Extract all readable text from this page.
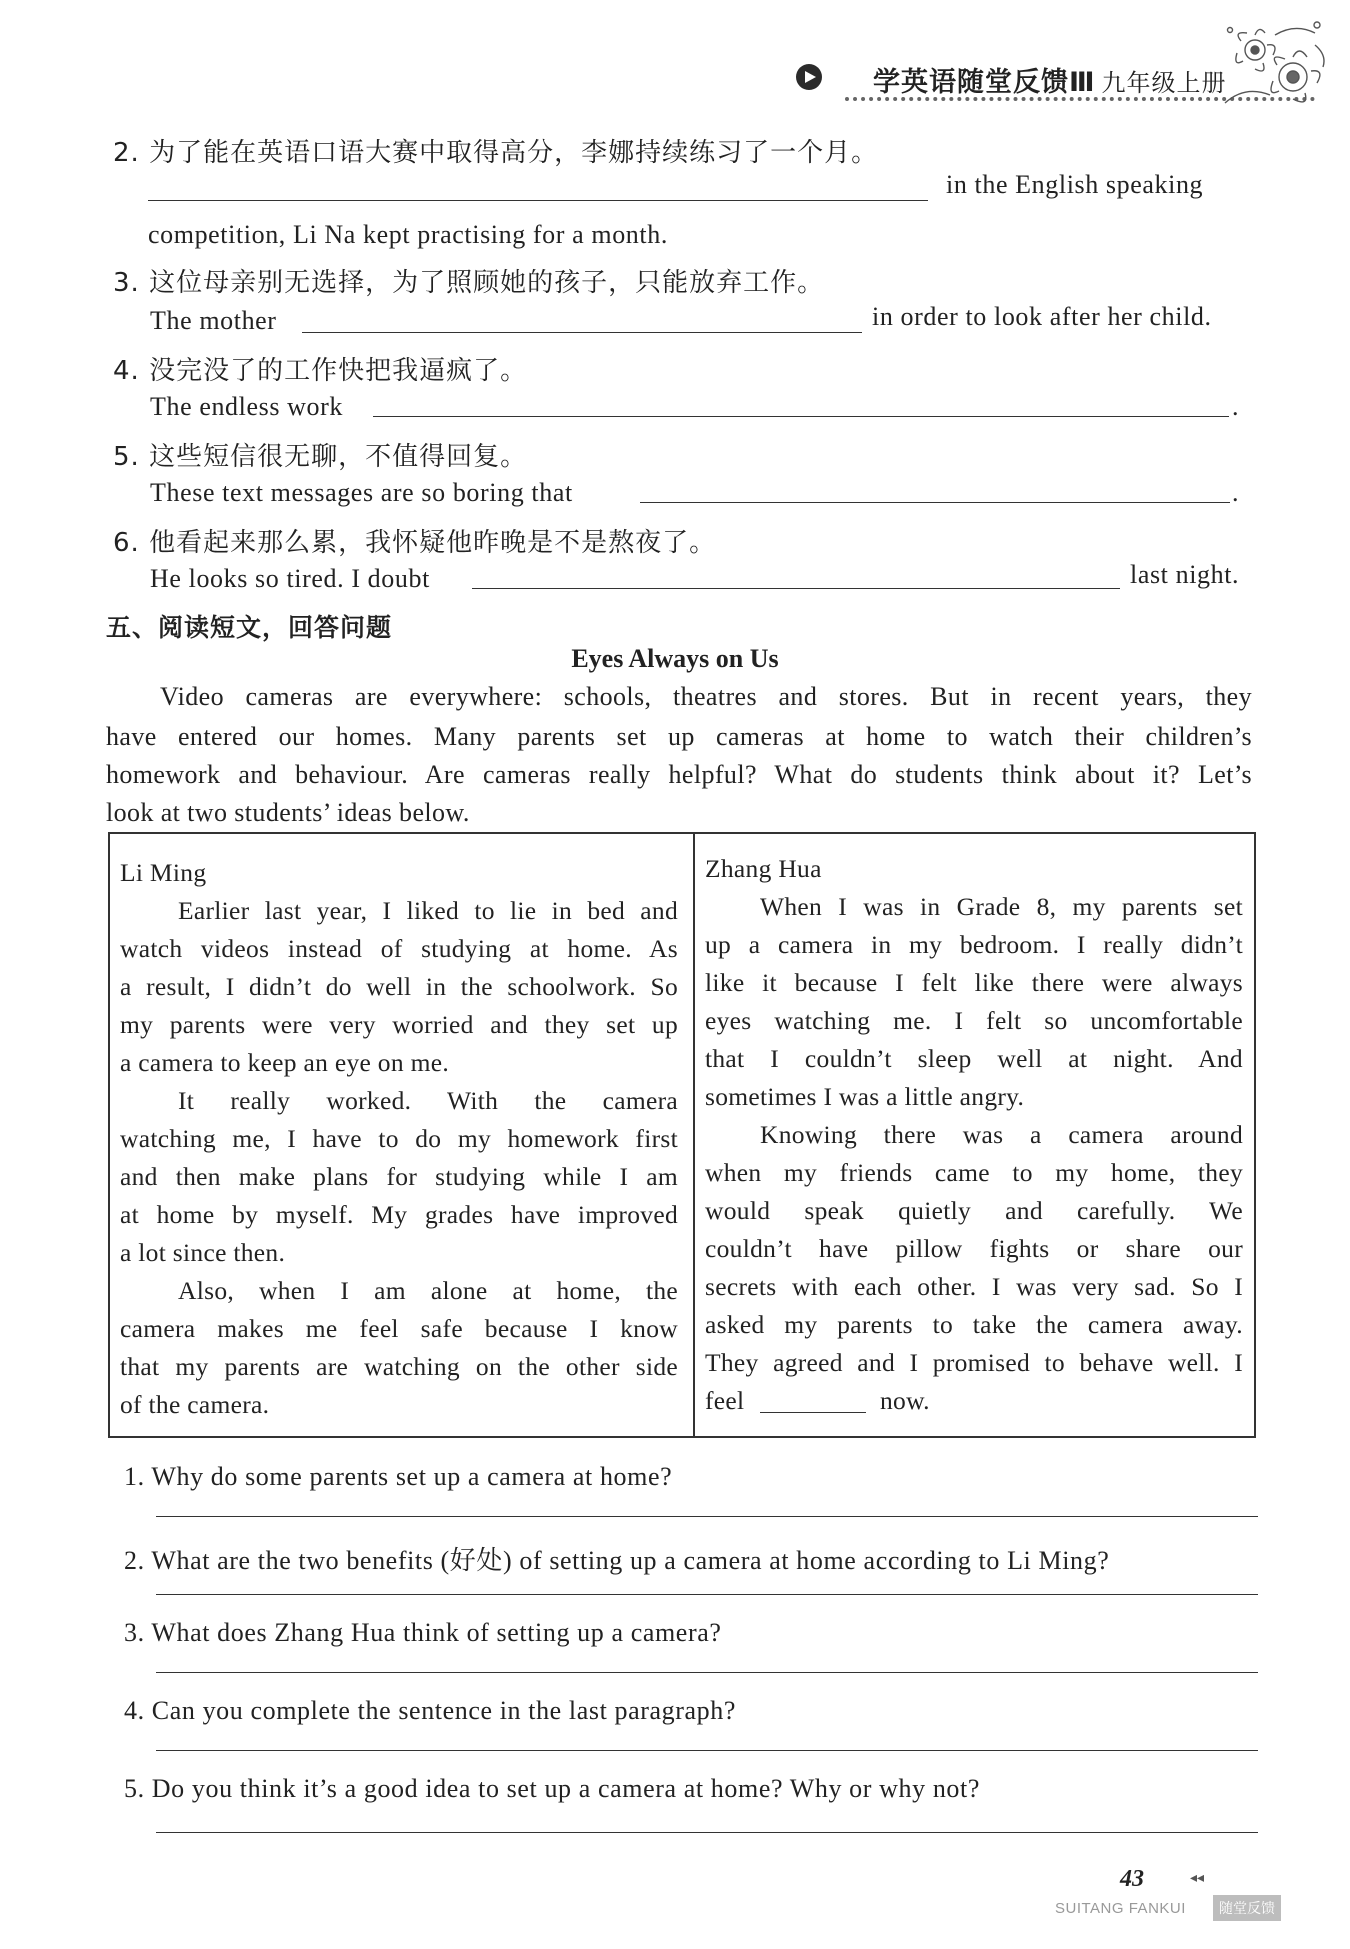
学英语随堂反馈Ⅲ 九年级上册
2. 为了能在英语口语大赛中取得高分，李娜持续练习了一个月。
in the English speaking
competition, Li Na kept practising for a month.
3. 这位母亲别无选择，为了照顾她的孩子，只能放弃工作。
The mother	in order to look after her child.
4. 没完没了的工作快把我逼疯了。
The endless work	.
5. 这些短信很无聊，不值得回复。
These text messages are so boring that	.
6. 他看起来那么累，我怀疑他昨晚是不是熬夜了。
He looks so tired. I doubt	last night.
五、阅读短文，回答问题
Eyes Always on Us
Video cameras are everywhere: schools, theatres and stores. But in recent years, they
have entered our homes. Many parents set up cameras at home to watch their children’s
homework and behaviour. Are cameras really helpful? What do students think about it? Let’s
look at two students’ ideas below.
Li Ming
Earlier last year, I liked to lie in bed and
watch videos instead of studying at home. As
a result, I didn’t do well in the schoolwork. So
my parents were very worried and they set up
a camera to keep an eye on me.
It really worked. With the camera
watching me, I have to do my homework first
and then make plans for studying while I am
at home by myself. My grades have improved
a lot since then.
Also, when I am alone at home, the
camera makes me feel safe because I know
that my parents are watching on the other side
of the camera.
Zhang Hua
When I was in Grade 8, my parents set
up a camera in my bedroom. I really didn’t
like it because I felt like there were always
eyes watching me. I felt so uncomfortable
that I couldn’t sleep well at night. And
sometimes I was a little angry.
Knowing there was a camera around
when my friends came to my home, they
would speak quietly and carefully. We
couldn’t have pillow fights or share our
secrets with each other. I was very sad. So I
asked my parents to take the camera away.
They agreed and I promised to behave well. I
feel	now.
1. Why do some parents set up a camera at home?
2. What are the two benefits (好处) of setting up a camera at home according to Li Ming?
3. What does Zhang Hua think of setting up a camera?
4. Can you complete the sentence in the last paragraph?
5. Do you think it’s a good idea to set up a camera at home? Why or why not?
43	◂◂
SUITANG FANKUI	随堂反馈
